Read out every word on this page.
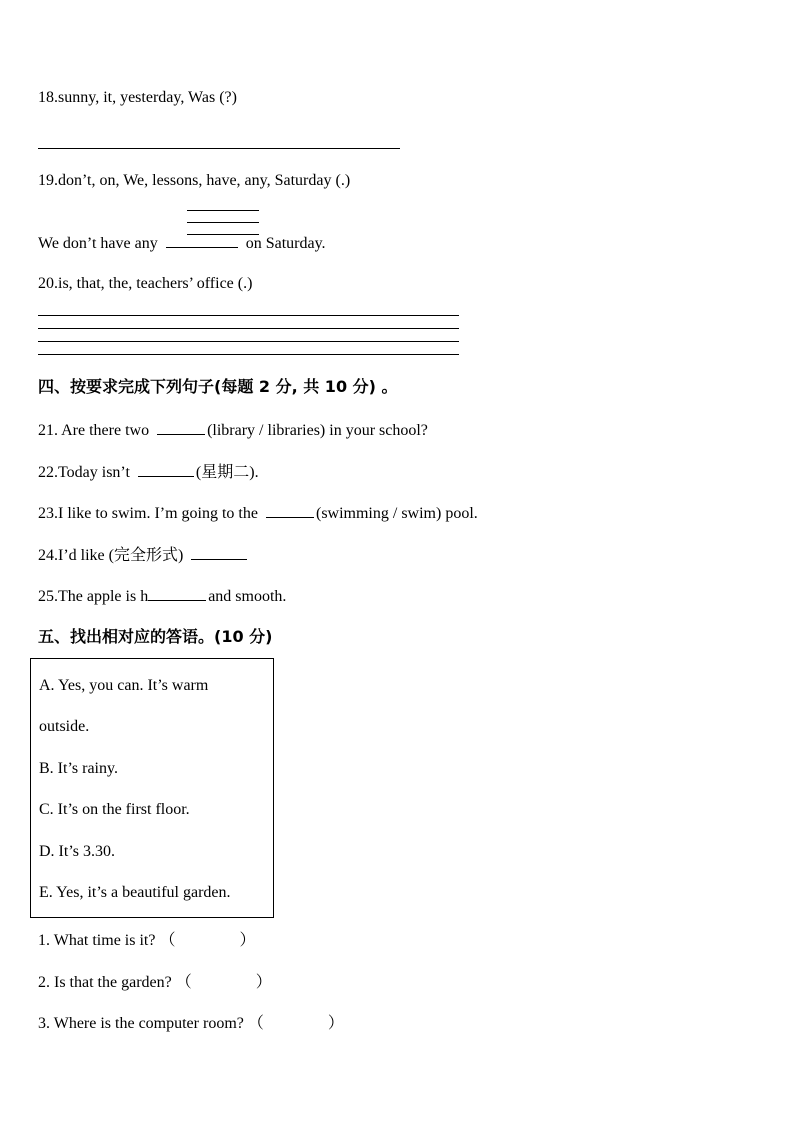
18.sunny, it, yesterday, Was (?)
19.don’t, on, We, lessons, have, any, Saturday (.)
We don’t have any	on Saturday.
20.is, that, the, teachers’ office (.)
四、按要求完成下列句子(每题 2 分, 共 10 分) 。
21. Are there two	(library / libraries) in your school?
22.Today isn’t	(星期二).
23.I like to swim. I’m going to the	(swimming / swim) pool.
24.I’d like (完全形式)
25.The apple is h	and smooth.
五、找出相对应的答语。(10 分)
A. Yes, you can. It’s warm
outside.
B. It’s rainy.
C. It’s on the first floor.
D. It’s 3.30.
E. Yes, it’s a beautiful garden.
1. What time is it? （	）
2. Is that the garden? （	）
3. Where is the computer room? （	）
